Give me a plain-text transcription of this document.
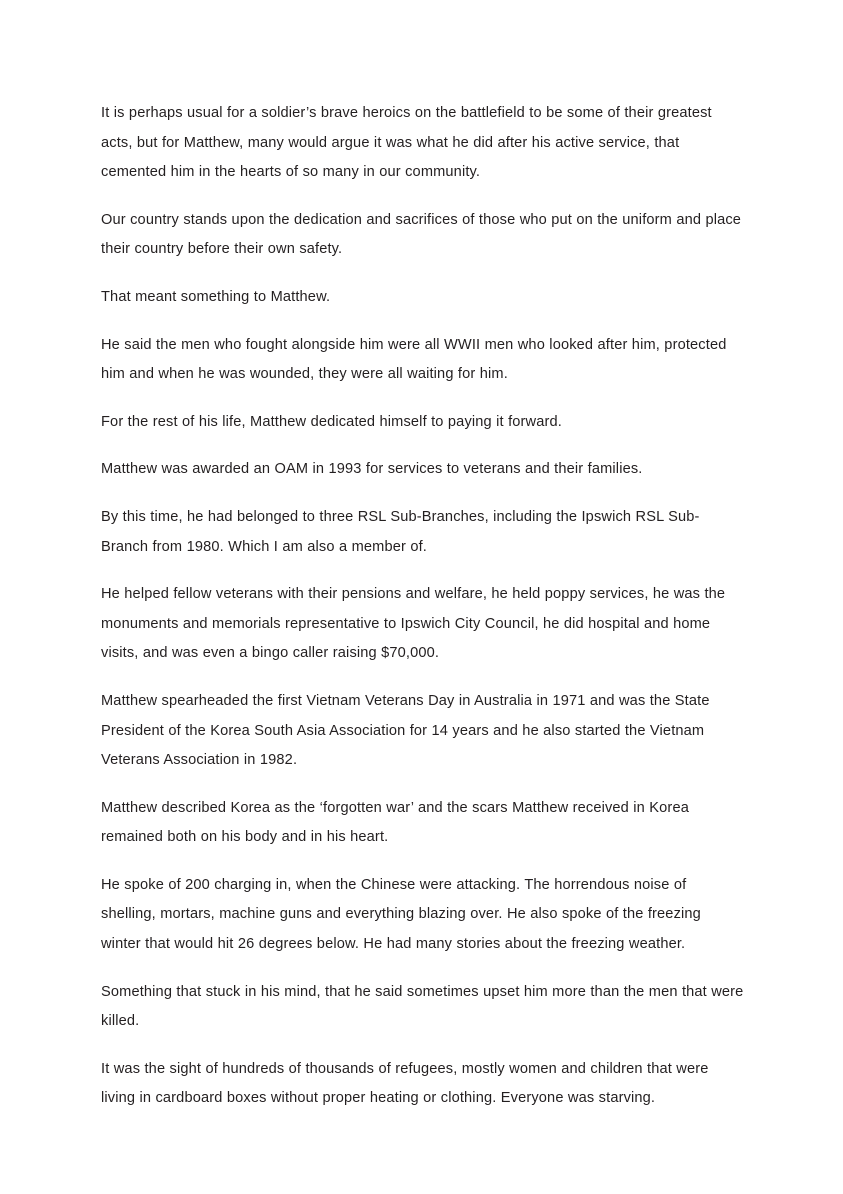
It is perhaps usual for a soldier’s brave heroics on the battlefield to be some of their greatest acts, but for Matthew, many would argue it was what he did after his active service, that cemented him in the hearts of so many in our community.

Our country stands upon the dedication and sacrifices of those who put on the uniform and place their country before their own safety.

That meant something to Matthew.

He said the men who fought alongside him were all WWII men who looked after him, protected him and when he was wounded, they were all waiting for him.

For the rest of his life, Matthew dedicated himself to paying it forward.

Matthew was awarded an OAM in 1993 for services to veterans and their families.

By this time, he had belonged to three RSL Sub-Branches, including the Ipswich RSL Sub-Branch from 1980. Which I am also a member of.

He helped fellow veterans with their pensions and welfare, he held poppy services, he was the monuments and memorials representative to Ipswich City Council, he did hospital and home visits, and was even a bingo caller raising $70,000.

Matthew spearheaded the first Vietnam Veterans Day in Australia in 1971 and was the State President of the Korea South Asia Association for 14 years and he also started the Vietnam Veterans Association in 1982.

Matthew described Korea as the ‘forgotten war’ and the scars Matthew received in Korea remained both on his body and in his heart.

He spoke of 200 charging in, when the Chinese were attacking. The horrendous noise of shelling, mortars, machine guns and everything blazing over. He also spoke of the freezing winter that would hit 26 degrees below. He had many stories about the freezing weather.

Something that stuck in his mind, that he said sometimes upset him more than the men that were killed.

It was the sight of hundreds of thousands of refugees, mostly women and children that were living in cardboard boxes without proper heating or clothing. Everyone was starving.
